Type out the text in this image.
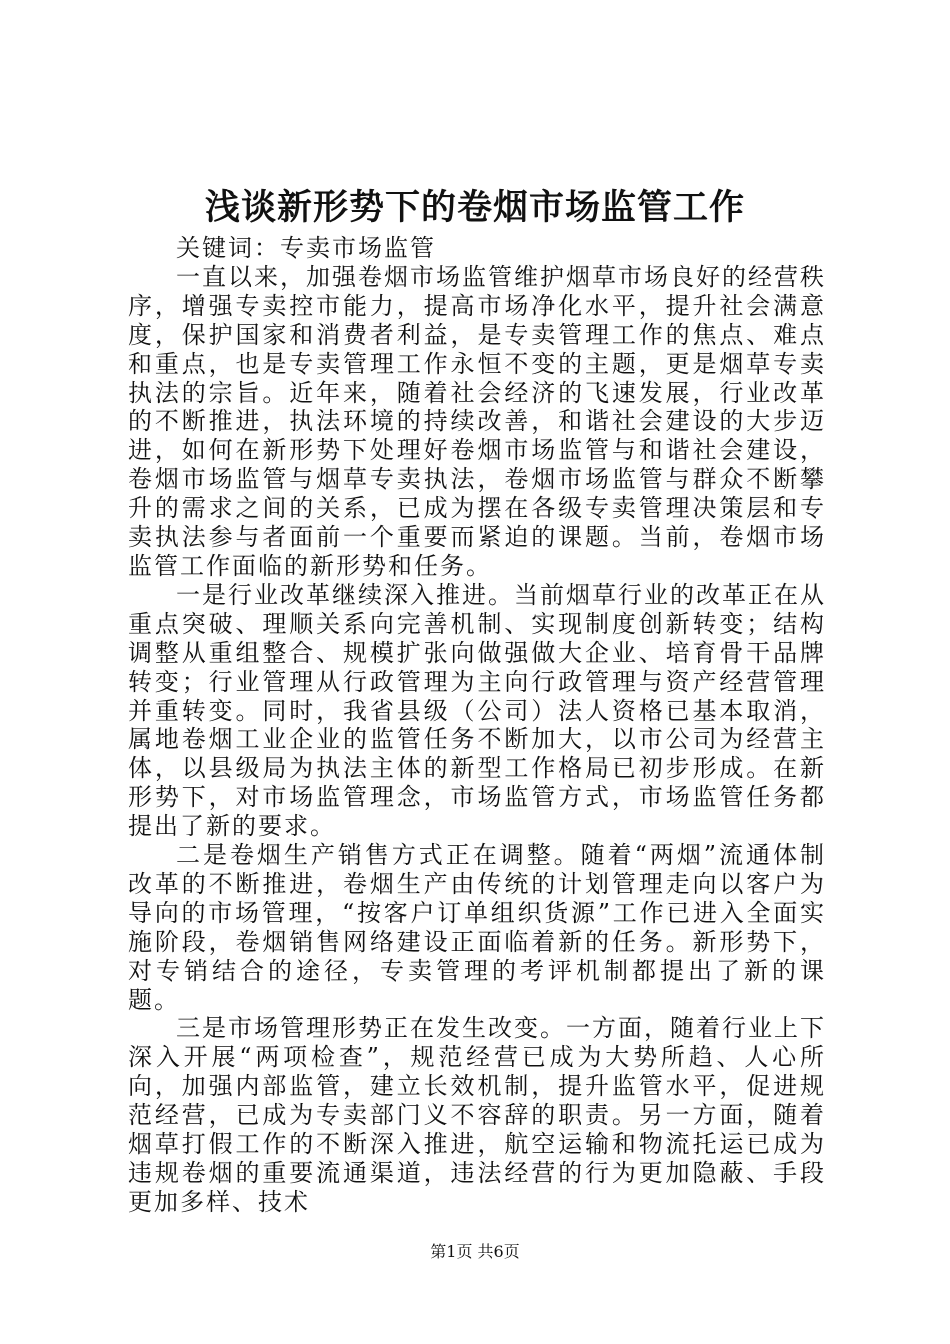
浅谈新形势下的卷烟市场监管工作

关键词：专卖市场监管

一直以来，加强卷烟市场监管维护烟草市场良好的经营秩序，增强专卖控市能力，提高市场净化水平，提升社会满意度，保护国家和消费者利益，是专卖管理工作的焦点、难点和重点，也是专卖管理工作永恒不变的主题，更是烟草专卖执法的宗旨。近年来，随着社会经济的飞速发展，行业改革的不断推进，执法环境的持续改善，和谐社会建设的大步迈进，如何在新形势下处理好卷烟市场监管与和谐社会建设，卷烟市场监管与烟草专卖执法，卷烟市场监管与群众不断攀升的需求之间的关系，已成为摆在各级专卖管理决策层和专卖执法参与者面前一个重要而紧迫的课题。当前，卷烟市场监管工作面临的新形势和任务。

一是行业改革继续深入推进。当前烟草行业的改革正在从重点突破、理顺关系向完善机制、实现制度创新转变；结构调整从重组整合、规模扩张向做强做大企业、培育骨干品牌转变；行业管理从行政管理为主向行政管理与资产经营管理并重转变。同时，我省县级（公司）法人资格已基本取消，属地卷烟工业企业的监管任务不断加大，以市公司为经营主体，以县级局为执法主体的新型工作格局已初步形成。在新形势下，对市场监管理念，市场监管方式，市场监管任务都提出了新的要求。

二是卷烟生产销售方式正在调整。随着“两烟”流通体制改革的不断推进，卷烟生产由传统的计划管理走向以客户为导向的市场管理，“按客户订单组织货源”工作已进入全面实施阶段，卷烟销售网络建设正面临着新的任务。新形势下，对专销结合的途径，专卖管理的考评机制都提出了新的课题。

三是市场管理形势正在发生改变。一方面，随着行业上下深入开展“两项检查”，规范经营已成为大势所趋、人心所向，加强内部监管，建立长效机制，提升监管水平，促进规范经营，已成为专卖部门义不容辞的职责。另一方面，随着烟草打假工作的不断深入推进，航空运输和物流托运已成为违规卷烟的重要流通渠道，违法经营的行为更加隐蔽、手段更加多样、技术

第1页 共6页
